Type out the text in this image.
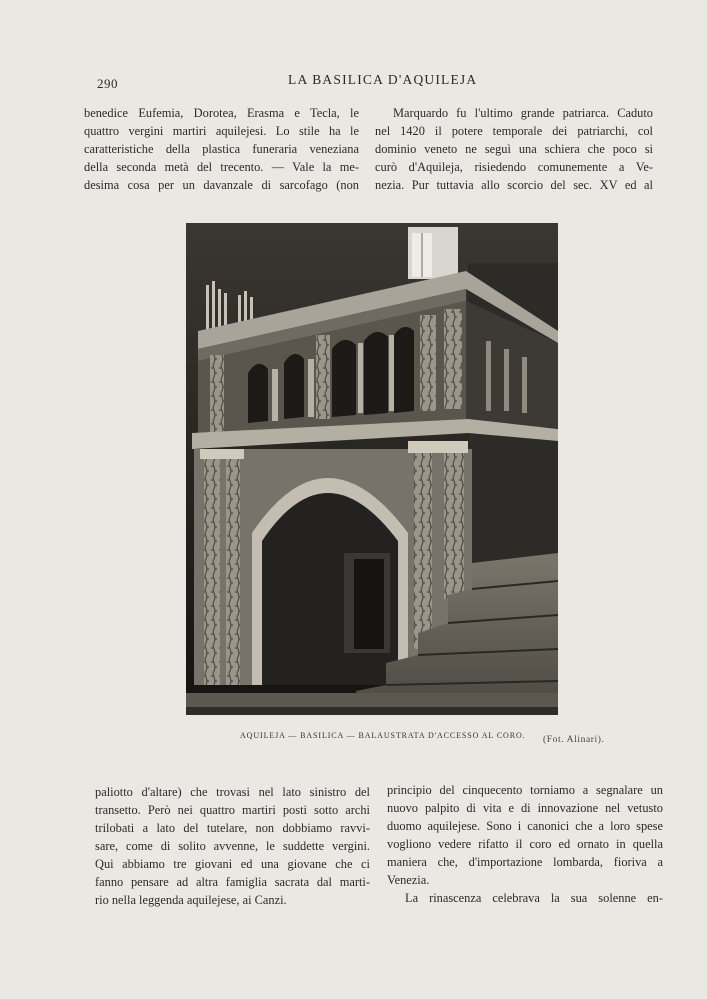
290	LA BASILICA D'AQUILEJA
benedice Eufemia, Dorotea, Erasma e Tecla, le
quattro vergini martiri aquilejesi. Lo stile ha le
caratteristiche della plastica funeraria veneziana
della seconda metà del trecento. — Vale la me-
desima cosa per un davanzale di sarcofago (non
Marquardo fu l'ultimo grande patriarca. Caduto
nel 1420 il potere temporale dei patriarchi, col
dominio veneto ne seguì una schiera che poco si
curò d'Aquileja, risiedendo comunemente a Ve-
nezia. Pur tuttavia allo scorcio del sec. XV ed al
AQUILEJA — BASILICA — BALAUSTRATA D'ACCESSO AL CORO. (Fot. Alinari).
paliotto d'altare) che trovasi nel lato sinistro del
transetto. Però nei quattro martiri posti sotto archi
trilobati a lato del tutelare, non dobbiamo ravvi-
sare, come di solito avvenne, le suddette vergini.
Qui abbiamo tre giovani ed una giovane che ci
fanno pensare ad altra famiglia sacrata dal marti-
rio nella leggenda aquilejese, ai Canzi.
principio del cinquecento torniamo a segnalare un
nuovo palpito di vita e di innovazione nel vetusto
duomo aquilejese. Sono i canonici che a loro spese
vogliono vedere rifatto il coro ed ornato in quella
maniera che, d'importazione lombarda, fioriva a
Venezia.
La rinascenza celebrava la sua solenne en-
